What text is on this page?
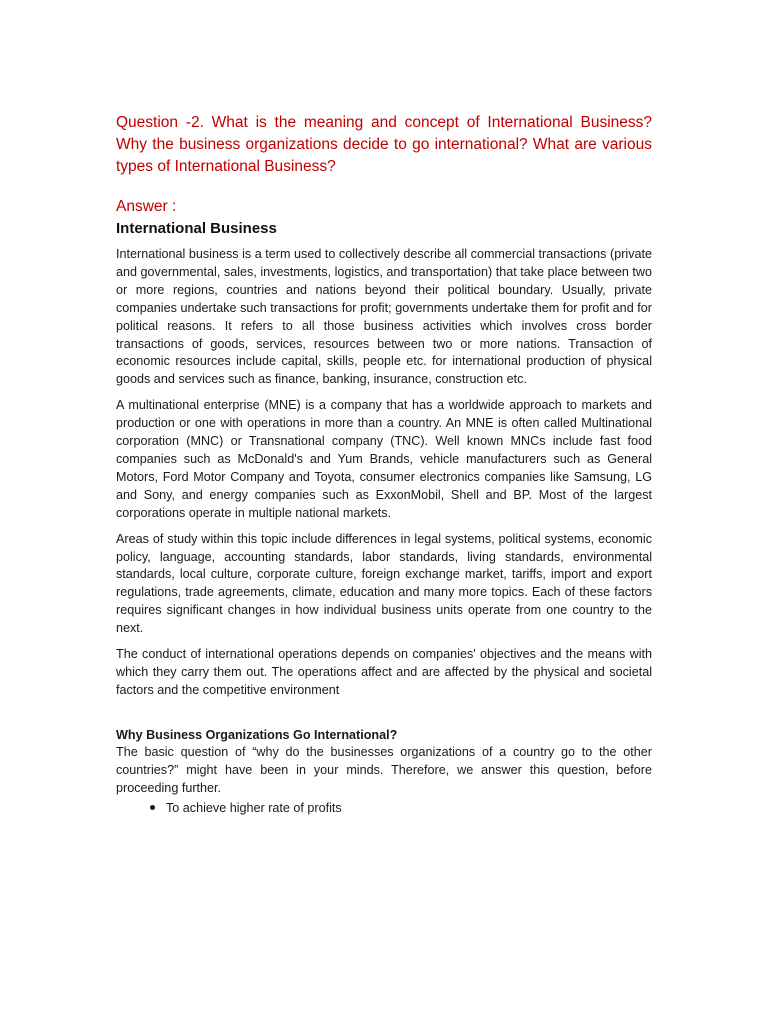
Question -2. What is the meaning and concept of International Business? Why the business organizations decide to go international? What are various types of International Business?

Answer :

International Business

International business is a term used to collectively describe all commercial transactions (private and governmental, sales, investments, logistics, and transportation) that take place between two or more regions, countries and nations beyond their political boundary. Usually, private companies undertake such transactions for profit; governments undertake them for profit and for political reasons. It refers to all those business activities which involves cross border transactions of goods, services, resources between two or more nations. Transaction of economic resources include capital, skills, people etc. for international production of physical goods and services such as finance, banking, insurance, construction etc.

A multinational enterprise (MNE) is a company that has a worldwide approach to markets and production or one with operations in more than a country. An MNE is often called Multinational corporation (MNC) or Transnational company (TNC). Well known MNCs include fast food companies such as McDonald's and Yum Brands, vehicle manufacturers such as General Motors, Ford Motor Company and Toyota, consumer electronics companies like Samsung, LG and Sony, and energy companies such as ExxonMobil, Shell and BP. Most of the largest corporations operate in multiple national markets.

Areas of study within this topic include differences in legal systems, political systems, economic policy, language, accounting standards, labor standards, living standards, environmental standards, local culture, corporate culture, foreign exchange market, tariffs, import and export regulations, trade agreements, climate, education and many more topics. Each of these factors requires significant changes in how individual business units operate from one country to the next.

The conduct of international operations depends on companies' objectives and the means with which they carry them out. The operations affect and are affected by the physical and societal factors and the competitive environment

Why Business Organizations Go International?

The basic question of “why do the businesses organizations of a country go to the other countries?” might have been in your minds. Therefore, we answer this question, before proceeding further.

To achieve higher rate of profits
